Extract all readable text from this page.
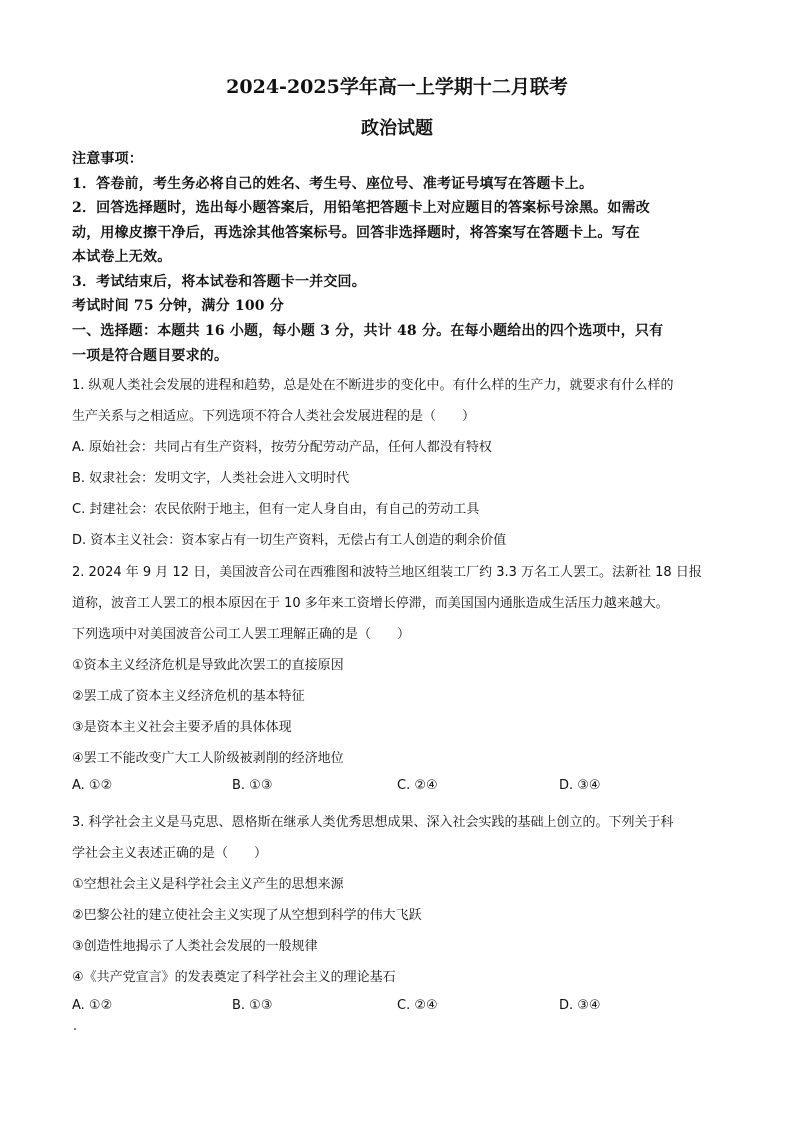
2024-2025学年高一上学期十二月联考
政治试题
注意事项：
1．答卷前，考生务必将自己的姓名、考生号、座位号、准考证号填写在答题卡上。
2．回答选择题时，选出每小题答案后，用铅笔把答题卡上对应题目的答案标号涂黑。如需改
动，用橡皮擦干净后，再选涂其他答案标号。回答非选择题时，将答案写在答题卡上。写在
本试卷上无效。
3．考试结束后，将本试卷和答题卡一并交回。
考试时间 75 分钟，满分 100 分
一、选择题：本题共 16 小题，每小题 3 分，共计 48 分。在每小题给出的四个选项中，只有
一项是符合题目要求的。
1. 纵观人类社会发展的进程和趋势，总是处在不断进步的变化中。有什么样的生产力，就要求有什么样的
生产关系与之相适应。下列选项不符合人类社会发展进程的是（　　）
A. 原始社会：共同占有生产资料，按劳分配劳动产品，任何人都没有特权
B. 奴隶社会：发明文字，人类社会进入文明时代
C. 封建社会：农民依附于地主，但有一定人身自由，有自己的劳动工具
D. 资本主义社会：资本家占有一切生产资料，无偿占有工人创造的剩余价值
2. 2024 年 9 月 12 日，美国波音公司在西雅图和波特兰地区组装工厂约 3.3 万名工人罢工。法新社 18 日报
道称，波音工人罢工的根本原因在于 10 多年来工资增长停滞，而美国国内通胀造成生活压力越来越大。
下列选项中对美国波音公司工人罢工理解正确的是（　　）
①资本主义经济危机是导致此次罢工的直接原因
②罢工成了资本主义经济危机的基本特征
③是资本主义社会主要矛盾的具体体现
④罢工不能改变广大工人阶级被剥削的经济地位
A. ①②	B. ①③	C. ②④	D. ③④
3. 科学社会主义是马克思、恩格斯在继承人类优秀思想成果、深入社会实践的基础上创立的。下列关于科
学社会主义表述正确的是（　　）
①空想社会主义是科学社会主义产生的思想来源
②巴黎公社的建立使社会主义实现了从空想到科学的伟大飞跃
③创造性地揭示了人类社会发展的一般规律
④《共产党宣言》的发表奠定了科学社会主义的理论基石
A. ①②	B. ①③	C. ②④	D. ③④
